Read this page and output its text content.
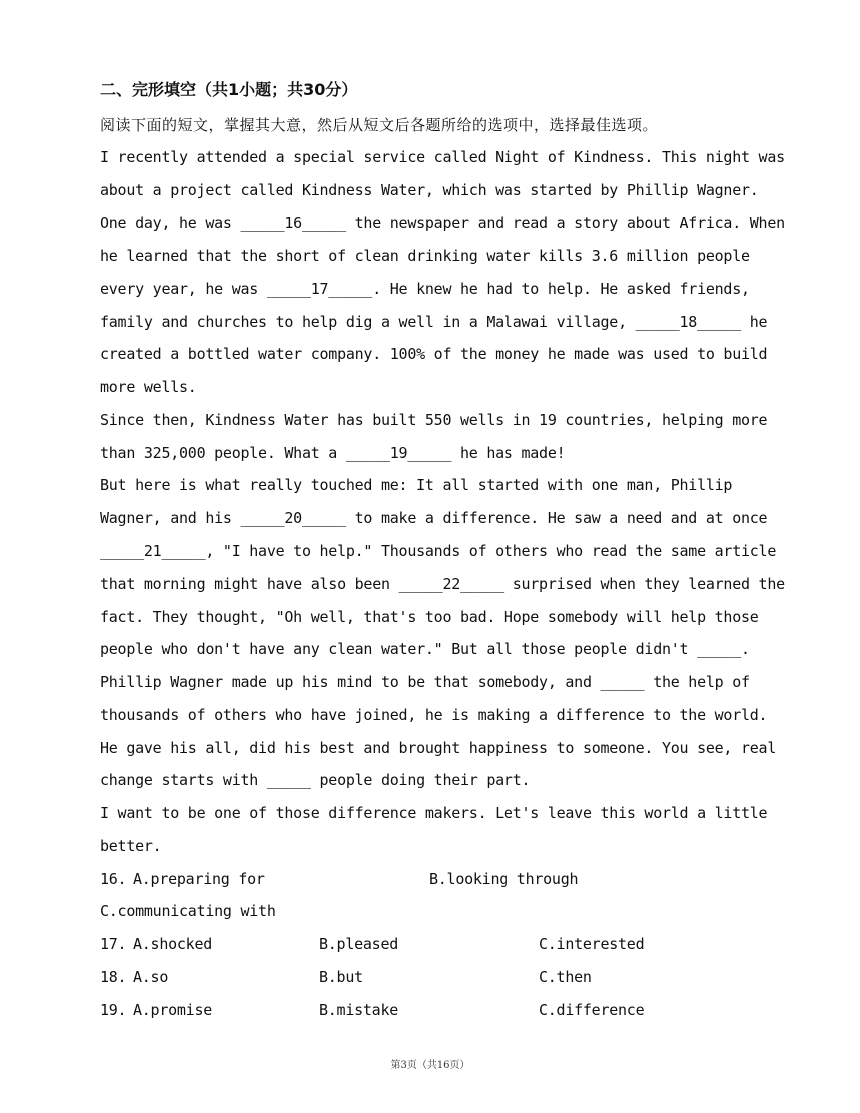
二、完形填空（共1小题；共30分）
阅读下面的短文，掌握其大意，然后从短文后各题所给的选项中，选择最佳选项。
I recently attended a special service called Night of Kindness. This night was
about a project called Kindness Water, which was started by Phillip Wagner.
One day, he was _____16_____ the newspaper and read a story about Africa. When
he learned that the short of clean drinking water kills 3.6 million people
every year, he was _____17_____. He knew he had to help. He asked friends,
family and churches to help dig a well in a Malawai village, _____18_____ he
created a bottled water company. 100% of the money he made was used to build
more wells.
Since then, Kindness Water has built 550 wells in 19 countries, helping more
than 325,000 people. What a _____19_____ he has made!
But here is what really touched me: It all started with one man, Phillip
Wagner, and his _____20_____ to make a difference. He saw a need and at once
_____21_____, "I have to help." Thousands of others who read the same article
that morning might have also been _____22_____ surprised when they learned the
fact. They thought, "Oh well, that's too bad. Hope somebody will help those
people who don't have any clean water." But all those people didn't _____.
Phillip Wagner made up his mind to be that somebody, and _____ the help of
thousands of others who have joined, he is making a difference to the world.
He gave his all, did his best and brought happiness to someone. You see, real
change starts with _____ people doing their part.
I want to be one of those difference makers. Let's leave this world a little
better.
16. A.preparing for	B.looking through
C.communicating with
17. A.shocked	B.pleased	C.interested
18. A.so	B.but	C.then
19. A.promise	B.mistake	C.difference
第3页（共16页）
